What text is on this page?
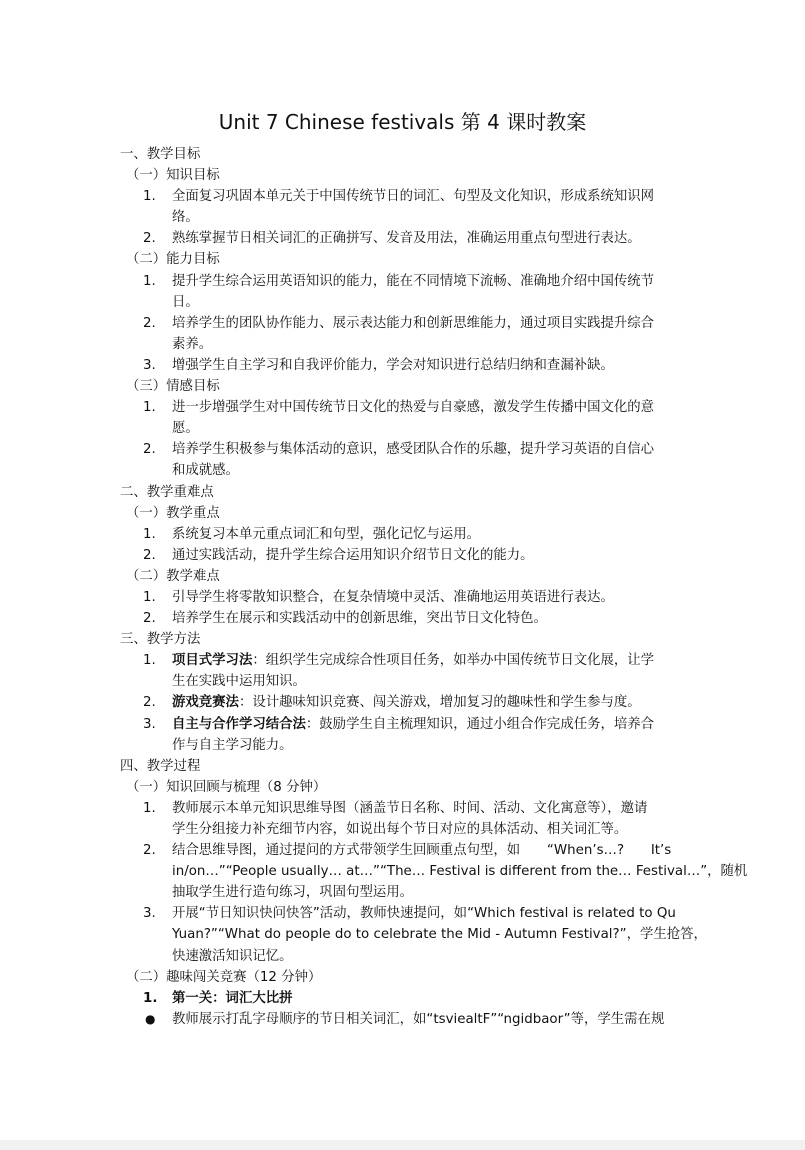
Unit 7 Chinese festivals 第 4 课时教案
一、教学目标
（一）知识目标
1.	全面复习巩固本单元关于中国传统节日的词汇、句型及文化知识，形成系统知识网
络。
2.	熟练掌握节日相关词汇的正确拼写、发音及用法，准确运用重点句型进行表达。
（二）能力目标
1.	提升学生综合运用英语知识的能力，能在不同情境下流畅、准确地介绍中国传统节
日。
2.	培养学生的团队协作能力、展示表达能力和创新思维能力，通过项目实践提升综合
素养。
3.	增强学生自主学习和自我评价能力，学会对知识进行总结归纳和查漏补缺。
（三）情感目标
1.	进一步增强学生对中国传统节日文化的热爱与自豪感，激发学生传播中国文化的意
愿。
2.	培养学生积极参与集体活动的意识，感受团队合作的乐趣，提升学习英语的自信心
和成就感。
二、教学重难点
（一）教学重点
1.	系统复习本单元重点词汇和句型，强化记忆与运用。
2.	通过实践活动，提升学生综合运用知识介绍节日文化的能力。
（二）教学难点
1.	引导学生将零散知识整合，在复杂情境中灵活、准确地运用英语进行表达。
2.	培养学生在展示和实践活动中的创新思维，突出节日文化特色。
三、教学方法
1.	项目式学习法：组织学生完成综合性项目任务，如举办中国传统节日文化展，让学
生在实践中运用知识。
2.	游戏竞赛法：设计趣味知识竞赛、闯关游戏，增加复习的趣味性和学生参与度。
3.	自主与合作学习结合法：鼓励学生自主梳理知识，通过小组合作完成任务，培养合
作与自主学习能力。
四、教学过程
（一）知识回顾与梳理（8 分钟）
1.	教师展示本单元知识思维导图（涵盖节日名称、时间、活动、文化寓意等），邀请
学生分组接力补充细节内容，如说出每个节日对应的具体活动、相关词汇等。
2.	结合思维导图，通过提问的方式带领学生回顾重点句型，如　　“When’s…?　　It’s
in/on…”“People usually… at…”“The… Festival is different from the… Festival…”，随机
抽取学生进行造句练习，巩固句型运用。
3.	开展“节日知识快问快答”活动，教师快速提问，如“Which festival is related to Qu
Yuan?”“What do people do to celebrate the Mid - Autumn Festival?”，学生抢答，
快速激活知识记忆。
（二）趣味闯关竞赛（12 分钟）
1.	第一关：词汇大比拼
●	教师展示打乱字母顺序的节日相关词汇，如“tsviealtF”“ngidbaor”等，学生需在规
